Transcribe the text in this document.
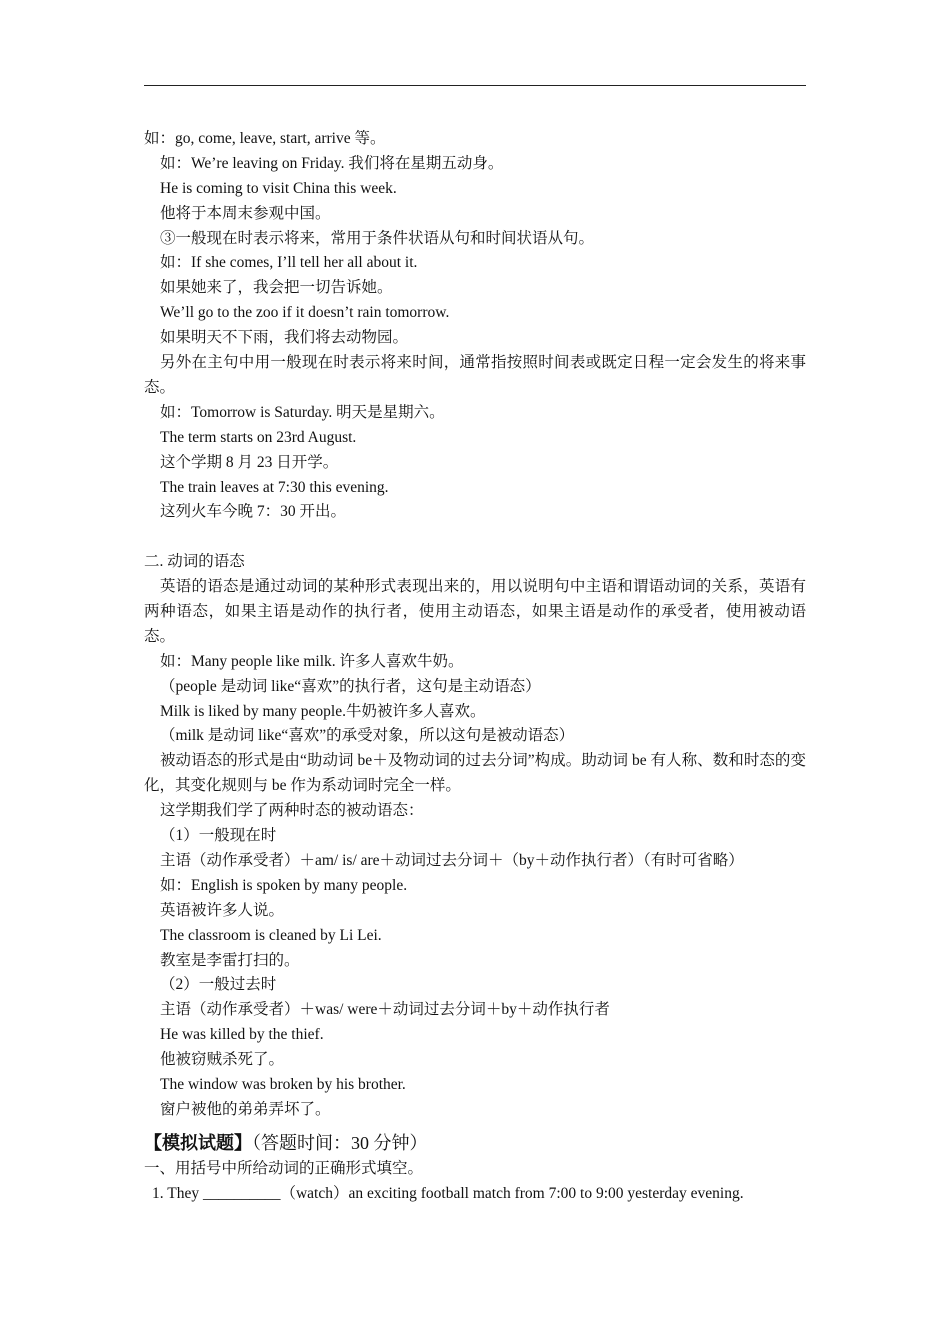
如：go, come, leave, start, arrive 等。
如：We’re leaving on Friday. 我们将在星期五动身。
He is coming to visit China this week.
他将于本周末参观中国。
③一般现在时表示将来，常用于条件状语从句和时间状语从句。
如：If she comes, I’ll tell her all about it.
如果她来了，我会把一切告诉她。
We’ll go to the zoo if it doesn’t rain tomorrow.
如果明天不下雨，我们将去动物园。
另外在主句中用一般现在时表示将来时间，通常指按照时间表或既定日程一定会发生的将来事态。
如：Tomorrow is Saturday. 明天是星期六。
The term starts on 23rd August.
这个学期 8 月 23 日开学。
The train leaves at 7:30 this evening.
这列火车今晚 7：30 开出。
二. 动词的语态
英语的语态是通过动词的某种形式表现出来的，用以说明句中主语和谓语动词的关系，英语有两种语态，如果主语是动作的执行者，使用主动语态，如果主语是动作的承受者，使用被动语态。
如：Many people like milk. 许多人喜欢牛奶。
（people 是动词 like“喜欢”的执行者，这句是主动语态）
Milk is liked by many people.牛奶被许多人喜欢。
（milk 是动词 like“喜欢”的承受对象，所以这句是被动语态）
被动语态的形式是由“助动词 be＋及物动词的过去分词”构成。助动词 be 有人称、数和时态的变化，其变化规则与 be 作为系动词时完全一样。
这学期我们学了两种时态的被动语态：
（1）一般现在时
主语（动作承受者）＋am/ is/ are＋动词过去分词＋（by＋动作执行者）（有时可省略）
如：English is spoken by many people.
英语被许多人说。
The classroom is cleaned by Li Lei.
教室是李雷打扫的。
（2）一般过去时
主语（动作承受者）＋was/ were＋动词过去分词＋by＋动作执行者
He was killed by the thief.
他被窃贼杀死了。
The window was broken by his brother.
窗户被他的弟弟弄坏了。
【模拟试题】（答题时间：30 分钟）
一、用括号中所给动词的正确形式填空。
1. They __________（watch）an exciting football match from 7:00 to 9:00 yesterday evening.
